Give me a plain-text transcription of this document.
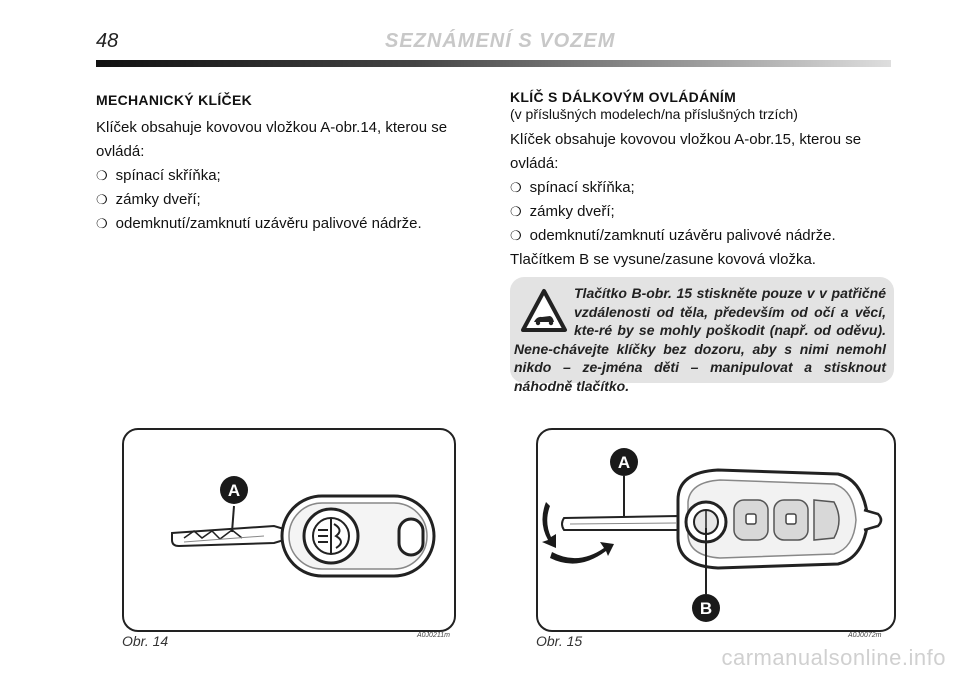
48	SEZNÁMENÍ S VOZEM
MECHANICKÝ KLÍČEK
Klíček obsahuje kovovou vložkou A-obr.14, kterou se ovládá:
❍ spínací skříňka;
❍ zámky dveří;
❍ odemknutí/zamknutí uzávěru palivové nádrže.
KLÍČ S DÁLKOVÝM OVLÁDÁNÍM
(v příslušných modelech/na příslušných trzích)
Klíček obsahuje kovovou vložkou A-obr.15, kterou se ovládá:
❍ spínací skříňka;
❍ zámky dveří;
❍ odemknutí/zamknutí uzávěru palivové nádrže.
Tlačítkem B se vysune/zasune kovová vložka.
Tlačítko B-obr. 15 stiskněte pouze v v patřičné vzdálenosti od těla, především od očí a věcí, kte-ré by se mohly poškodit (např. od oděvu). Nene-chávejte klíčky bez dozoru, aby s nimi nemohl nikdo – ze-jména děti – manipulovat a stisknout náhodně tlačítko.
A
Obr. 14	A0J0211m
A
B
Obr. 15	A0J0072m
carmanualsonline.info
